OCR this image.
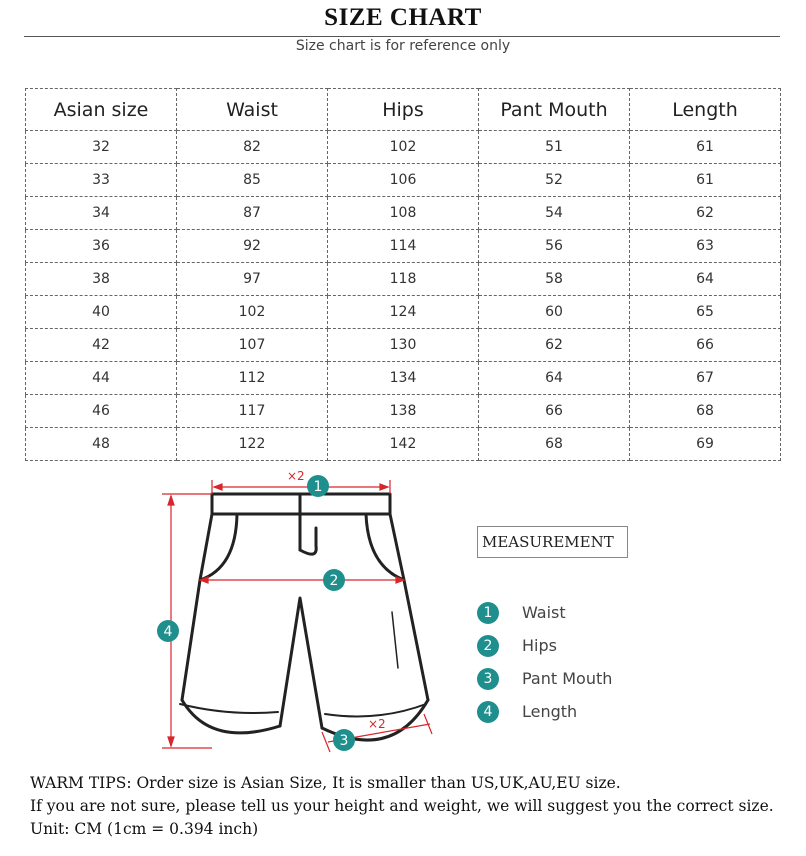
SIZE CHART
Size chart is for reference only
Asian size	Waist	Hips	Pant Mouth	Length
32	82	102	51	61
33	85	106	52	61
34	87	108	54	62
36	92	114	56	63
38	97	118	58	64
40	102	124	60	65
42	107	130	62	66
44	112	134	64	67
46	117	138	66	68
48	122	142	68	69
×2
×2
1
2
3
4
MEASUREMENT
1	Waist
2	Hips
3	Pant Mouth
4	Length
WARM TIPS: Order size is Asian Size, It is smaller than US,UK,AU,EU size.
If you are not sure, please tell us your height and weight, we will suggest you the correct size.
Unit: CM (1cm = 0.394 inch)
